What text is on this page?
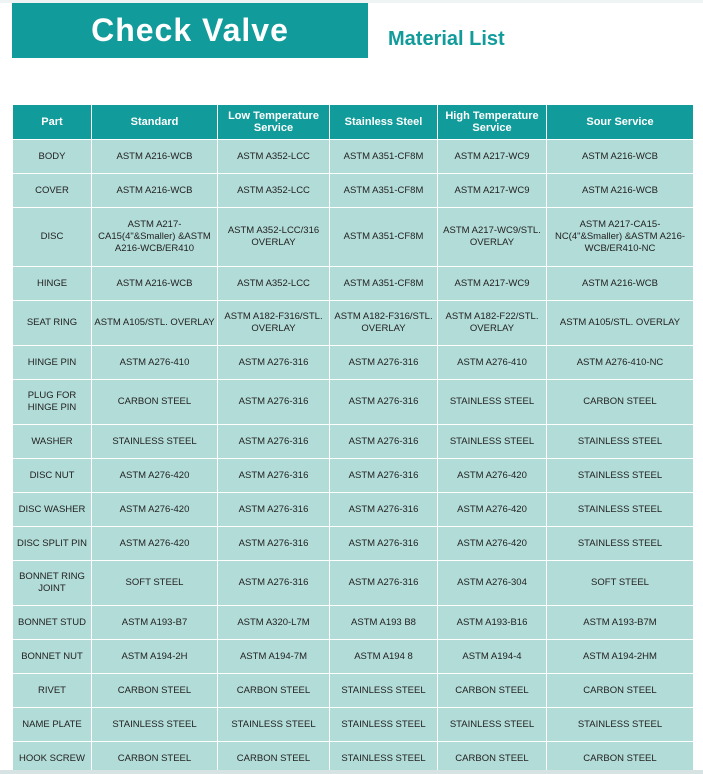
Check Valve	Material List
Part	Standard	Low Temperature Service	Stainless Steel	High Temperature Service	Sour Service
BODY	ASTM A216-WCB	ASTM A352-LCC	ASTM A351-CF8M	ASTM A217-WC9	ASTM A216-WCB
COVER	ASTM A216-WCB	ASTM A352-LCC	ASTM A351-CF8M	ASTM A217-WC9	ASTM A216-WCB
DISC	ASTM A217-CA15(4"&Smaller) &ASTM A216-WCB/ER410	ASTM A352-LCC/316 OVERLAY	ASTM A351-CF8M	ASTM A217-WC9/STL. OVERLAY	ASTM A217-CA15-NC(4"&Smaller) &ASTM A216-WCB/ER410-NC
HINGE	ASTM A216-WCB	ASTM A352-LCC	ASTM A351-CF8M	ASTM A217-WC9	ASTM A216-WCB
SEAT RING	ASTM A105/STL. OVERLAY	ASTM A182-F316/STL. OVERLAY	ASTM A182-F316/STL. OVERLAY	ASTM A182-F22/STL. OVERLAY	ASTM A105/STL. OVERLAY
HINGE PIN	ASTM A276-410	ASTM A276-316	ASTM A276-316	ASTM A276-410	ASTM A276-410-NC
PLUG FOR HINGE PIN	CARBON STEEL	ASTM A276-316	ASTM A276-316	STAINLESS STEEL	CARBON STEEL
WASHER	STAINLESS STEEL	ASTM A276-316	ASTM A276-316	STAINLESS STEEL	STAINLESS STEEL
DISC NUT	ASTM A276-420	ASTM A276-316	ASTM A276-316	ASTM A276-420	STAINLESS STEEL
DISC WASHER	ASTM A276-420	ASTM A276-316	ASTM A276-316	ASTM A276-420	STAINLESS STEEL
DISC SPLIT PIN	ASTM A276-420	ASTM A276-316	ASTM A276-316	ASTM A276-420	STAINLESS STEEL
BONNET RING JOINT	SOFT STEEL	ASTM A276-316	ASTM A276-316	ASTM A276-304	SOFT STEEL
BONNET STUD	ASTM A193-B7	ASTM A320-L7M	ASTM A193 B8	ASTM A193-B16	ASTM A193-B7M
BONNET NUT	ASTM A194-2H	ASTM A194-7M	ASTM A194 8	ASTM A194-4	ASTM A194-2HM
RIVET	CARBON STEEL	CARBON STEEL	STAINLESS STEEL	CARBON STEEL	CARBON STEEL
NAME PLATE	STAINLESS STEEL	STAINLESS STEEL	STAINLESS STEEL	STAINLESS STEEL	STAINLESS STEEL
HOOK SCREW	CARBON STEEL	CARBON STEEL	STAINLESS STEEL	CARBON STEEL	CARBON STEEL
